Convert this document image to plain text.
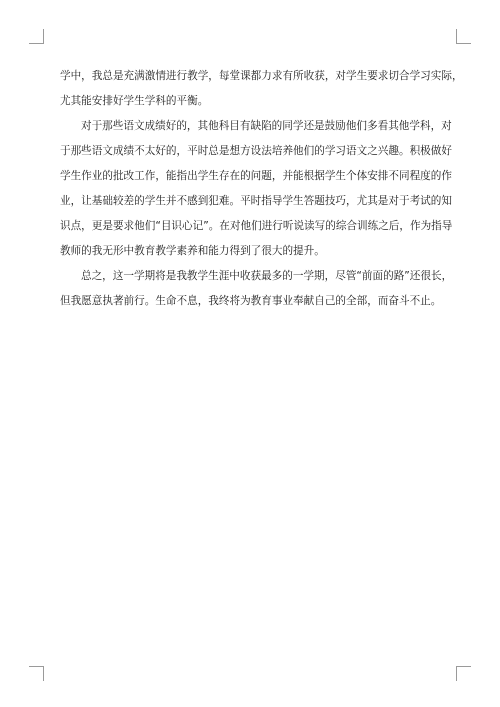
学中，我总是充满激情进行教学，每堂课都力求有所收获，对学生要求切合学习实际，
尤其能安排好学生学科的平衡。

对于那些语文成绩好的，其他科目有缺陷的同学还是鼓励他们多看其他学科，对
于那些语文成绩不太好的，平时总是想方设法培养他们的学习语文之兴趣。积极做好
学生作业的批改工作，能指出学生存在的问题，并能根据学生个体安排不同程度的作
业，让基础较差的学生并不感到犯难。平时指导学生答题技巧，尤其是对于考试的知
识点，更是要求他们“目识心记”。在对他们进行听说读写的综合训练之后，作为指导
教师的我无形中教育教学素养和能力得到了很大的提升。

总之，这一学期将是我教学生涯中收获最多的一学期，尽管“前面的路”还很长，
但我愿意执著前行。生命不息，我终将为教育事业奉献自己的全部，而奋斗不止。
